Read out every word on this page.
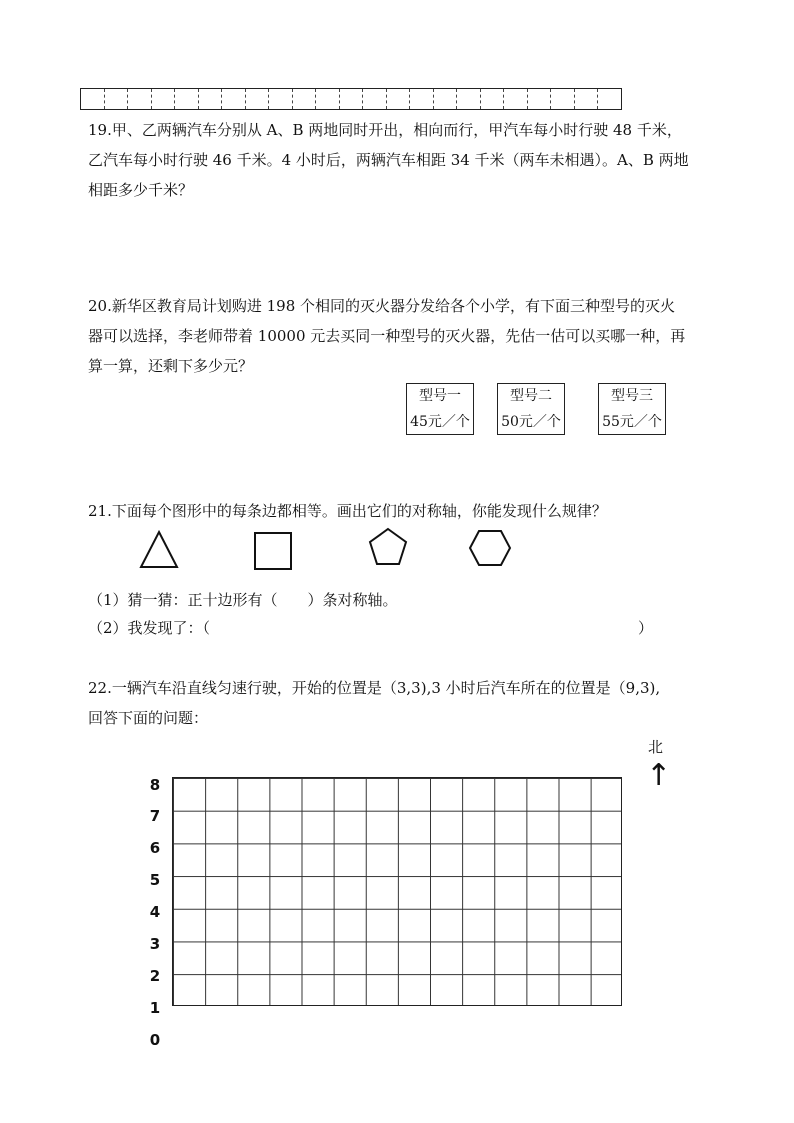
19.甲、乙两辆汽车分别从 A、B 两地同时开出，相向而行，甲汽车每小时行驶 48 千米，
乙汽车每小时行驶 46 千米。4 小时后，两辆汽车相距 34 千米（两车未相遇）。A、B 两地
相距多少千米？
20.新华区教育局计划购进 198 个相同的灭火器分发给各个小学，有下面三种型号的灭火
器可以选择，李老师带着 10000 元去买同一种型号的灭火器，先估一估可以买哪一种，再
算一算，还剩下多少元？
型号一
45元／个
型号二
50元／个
型号三
55元／个
21.下面每个图形中的每条边都相等。画出它们的对称轴，你能发现什么规律？
（1）猜一猜：正十边形有（　　）条对称轴。
（2）我发现了：（	）
22.一辆汽车沿直线匀速行驶，开始的位置是（3,3),3 小时后汽车所在的位置是（9,3),
回答下面的问题：
北
↑
8
7
6
5
4
3
2
1
0
